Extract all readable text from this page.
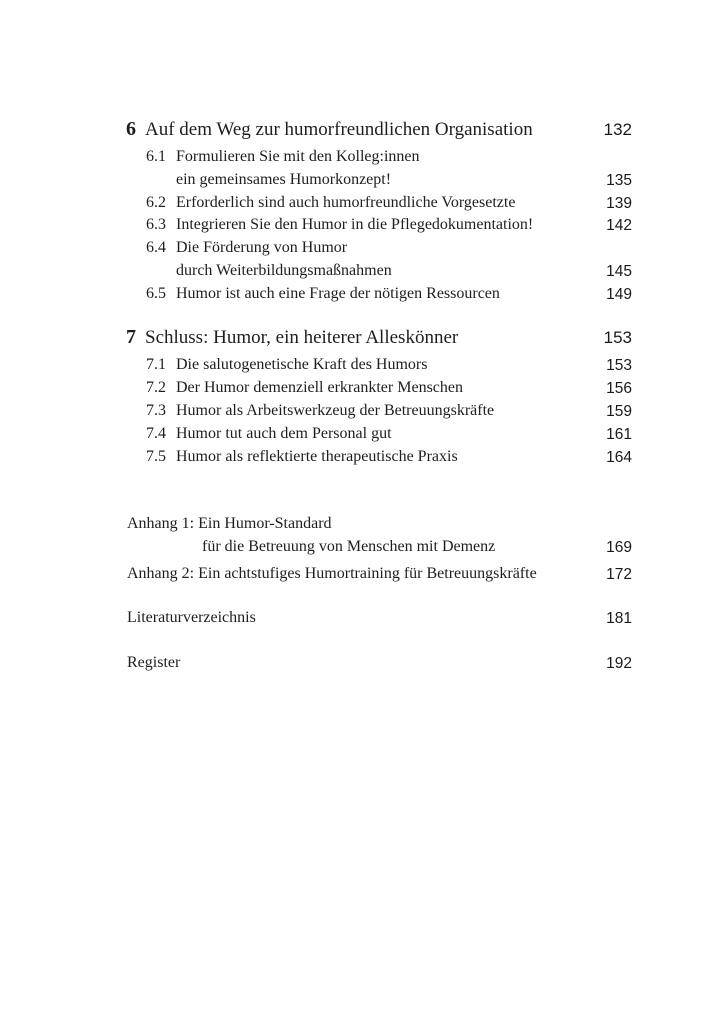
6 Auf dem Weg zur humorfreundlichen Organisation	132
6.1 Formulieren Sie mit den Kolleg:innen
ein gemeinsames Humorkonzept!	135
6.2 Erforderlich sind auch humorfreundliche Vorgesetzte	139
6.3 Integrieren Sie den Humor in die Pflegedokumentation!	142
6.4 Die Förderung von Humor
durch Weiterbildungsmaßnahmen	145
6.5 Humor ist auch eine Frage der nötigen Ressourcen	149
7 Schluss: Humor, ein heiterer Alleskönner	153
7.1 Die salutogenetische Kraft des Humors	153
7.2 Der Humor demenziell erkrankter Menschen	156
7.3 Humor als Arbeitswerkzeug der Betreuungskräfte	159
7.4 Humor tut auch dem Personal gut	161
7.5 Humor als reflektierte therapeutische Praxis	164
Anhang 1: Ein Humor-Standard
für die Betreuung von Menschen mit Demenz	169
Anhang 2: Ein achtstufiges Humortraining für Betreuungskräfte	172
Literaturverzeichnis	181
Register	192
